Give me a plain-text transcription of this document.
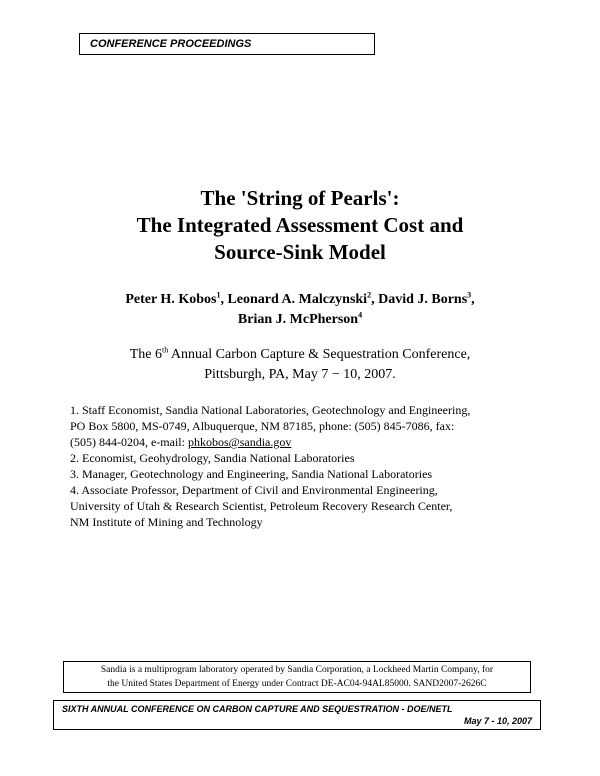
CONFERENCE PROCEEDINGS
The 'String of Pearls':
The Integrated Assessment Cost and
Source-Sink Model
Peter H. Kobos$^1$, Leonard A. Malczynski$^2$, David J. Borns$^3$,
Brian J. McPherson$^4$
The 6th Annual Carbon Capture & Sequestration Conference,
Pittsburgh, PA, May 7 − 10, 2007.
1. Staff Economist, Sandia National Laboratories, Geotechnology and Engineering,
PO Box 5800, MS-0749, Albuquerque, NM 87185, phone: (505) 845-7086, fax:
(505) 844-0204, e-mail: phkobos@sandia.gov
2. Economist, Geohydrology, Sandia National Laboratories
3. Manager, Geotechnology and Engineering, Sandia National Laboratories
4. Associate Professor, Department of Civil and Environmental Engineering,
University of Utah & Research Scientist, Petroleum Recovery Research Center,
NM Institute of Mining and Technology
Sandia is a multiprogram laboratory operated by Sandia Corporation, a Lockheed Martin Company, for
the United States Department of Energy under Contract DE-AC04-94AL85000. SAND2007-2626C
SIXTH ANNUAL CONFERENCE ON CARBON CAPTURE AND SEQUESTRATION - DOE/NETL
May 7 - 10, 2007
